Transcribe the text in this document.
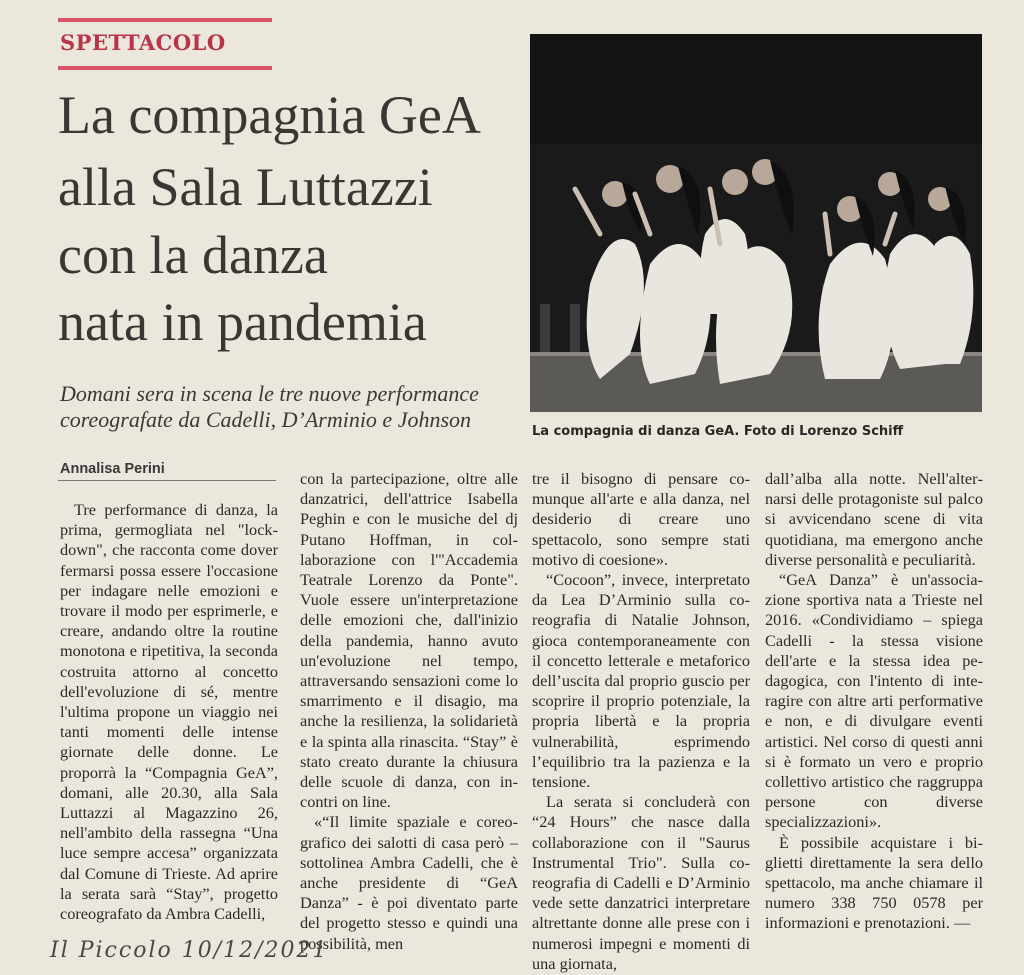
SPETTACOLO
La compagnia GeA
alla Sala Luttazzi
con la danza
nata in pandemia
Domani sera in scena le tre nuove performance
coreografate da Cadelli, D’Arminio e Johnson	La compagnia di danza GeA. Foto di Lorenzo Schiff
Annalisa Perini

Tre performance di danza, la prima, germogliata nel "lockdown", che racconta come dover fermarsi possa essere l'occasione per indagare nelle emozioni e trovare il modo per esprimerle, e creare, andando oltre la routine monotona e ripetitiva, la seconda costruita attorno al concetto dell'evoluzione di sé, mentre l'ultima propone un viaggio nei tanti momenti delle intense giornate delle donne. Le proporrà la “Compagnia GeA”, domani, alle 20.30, alla Sala Luttazzi al Magazzino 26, nell'ambito della rassegna “Una luce sempre accesa” organizzata dal Comune di Trieste. Ad aprire la serata sarà “Stay”, progetto coreografato da Ambra Cadelli,

con la partecipazione, oltre alle danzatrici, dell'attrice Isabella Peghin e con le musiche del dj Putano Hoffman, in collaborazione con l'"Accademia Teatrale Lorenzo da Ponte". Vuole essere un'interpretazione delle emozioni che, dall'inizio della pandemia, hanno avuto un'evoluzione nel tempo, attraversando sensazioni come lo smarrimento e il disagio, ma anche la resilienza, la solidarietà e la spinta alla rinascita. “Stay” è stato creato durante la chiusura delle scuole di danza, con incontri on line.

«“Il limite spaziale e coreografico dei salotti di casa però – sottolinea Ambra Cadelli, che è anche presidente di “GeA Danza” - è poi diventato parte del progetto stesso e quindi una possibilità, men

tre il bisogno di pensare comunque all'arte e alla danza, nel desiderio di creare uno spettacolo, sono sempre stati motivo di coesione».

“Cocoon”, invece, interpretato da Lea D’Arminio sulla coreografia di Natalie Johnson, gioca contemporaneamente con il concetto letterale e metaforico dell’uscita dal proprio guscio per scoprire il proprio potenziale, la propria libertà e la propria vulnerabilità, esprimendo l’equilibrio tra la pazienza e la tensione.

La serata si concluderà con “24 Hours” che nasce dalla collaborazione con il "Saurus Instrumental Trio". Sulla coreografia di Cadelli e D’Arminio vede sette danzatrici interpretare altrettante donne alle prese con i numerosi impegni e momenti di una giornata,

dall’alba alla notte. Nell'alternarsi delle protagoniste sul palco si avvicendano scene di vita quotidiana, ma emergono anche diverse personalità e peculiarità.

“GeA Danza” è un'associazione sportiva nata a Trieste nel 2016. «Condividiamo – spiega Cadelli - la stessa visione dell'arte e la stessa idea pedagogica, con l'intento di interagire con altre arti performative e non, e di divulgare eventi artistici. Nel corso di questi anni si è formato un vero e proprio collettivo artistico che raggruppa persone con diverse specializzazioni».

È possibile acquistare i biglietti direttamente la sera dello spettacolo, ma anche chiamare il numero 338 750 0578 per informazioni e prenotazioni. —

Il Piccolo 10/12/2021
